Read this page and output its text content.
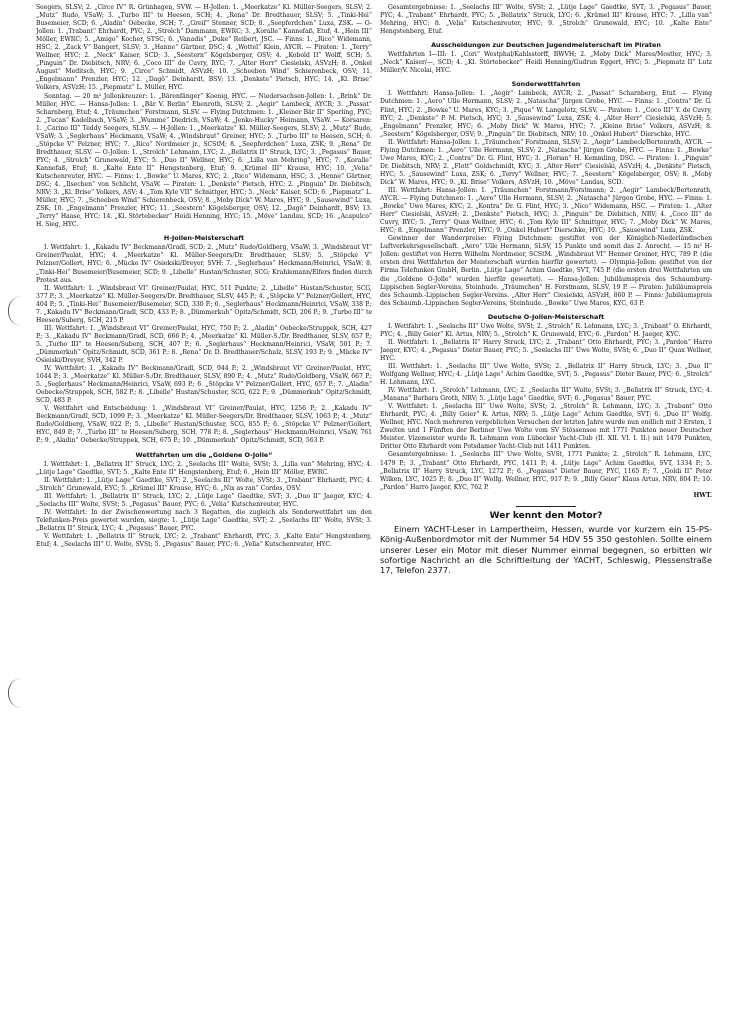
Seegers, SLSV; 2. „Circe IV“ R. Grünhagen, SVW. — H-Jollen: 1. „Meerkatze“ Kl. Müller-Seegers, SLSV; 2. „Mutz“ Rudo, VSaW; 3. „Turbo III“ te Heesen, SCH; 4. „Rena“ Dr. Bredthauer, SLSV; 5. „Tinki-Hei“ Busemeier, SCD; 6. „Aladin“ Oebecke, SCH; 7. „Greif“ Stenner, SCD; 8. „Seepferdchen“ Luxa, ZSK. — O-Jollen: 1. „Trabant“ Ehrhardt, PYC; 2. „Strolch“ Dammann, EWRC; 3. „Koralle“ Kannefaß, Etuf; 4. „Hein III“ Möller, EWRC; 5. „Amigo“ Kocher, STSC; 6. „Vanadis“ „Duke“ Reibert, JSC. — Finns: 1. „Rico“ Widemann, HSC; 2. „Zack V“ Bangert, SLSV; 3. „Hanne“ Gärtner, DSC; 4. „Wottel“ Klein, AYCR. — Piraten: 1. „Terry“ Wellner, HYC; 2. „Neck“ Kaiser, SCD; 3. „Seestern“ Kögelsberger, OSV; 4. „Kobold II“ Wolff, SCH; 5. „Pinguin“ Dr. Diebitsch, NRV; 6. „Coco III“ de Cuvry, RYC; 7. „Alter Herr“ Ciesielski, ASVzH; 8. „Onkel August“ Meditsch, HYC; 9. „Circe“ Schmidt, ASVzH; 10. „Scheeben Wind“ Schierenbeck, OSV; 11. „Engelmann“ Prenzler, HYC; 12. „Dagö“ Deinhardt, BSV; 13. „Denkste“ Pietsch, HYC; 14. „Kl. Brise“ Volkers, ASVzH; 15. „Piepmatz“ L. Müller, HYC.

Sonntag. — 20 m² Jollenkreuzer: 1. „Bärenfänger“ Koenig, HYC. — Niedersachsen-Jollen: 1. „Brink“ Dr. Müller, HYC. — Hansa-Jollen: 1. „Bär V. Berlin“ Ebenroth, SLSV; 2. „Aegir“ Lambeck, AYCR; 3. „Passat“ Scharnberg, Etuf; 4. „Träumchen“ Forstmann, SLSV. — Flying Dutchmen: 1. „Kleiner Bär II“ Sperling, PYC; 2. „Tucan“ Kadelbach, VSaW; 3. „Wumme“ Diedrich, VSaW; 4. „Jenko-Hucky“ Heimann, VSaW. — Korsaren: 1. „Carino III“ Teddy Seegers, SLSV. — H-Jollen: 1. „Meerkatze“ Kl. Müller-Seegers, SLSV; 2. „Mutz“ Rudo, VSaW; 3. „Seglerhaus“ Heckmann, VSaW; 4. „Windsbraut“ Greiner, HYC; 5. „Turbo III“ te Heesen, SCH; 6. „Stöpcke V“ Pelzner, HYC; 7. „Rico“ Nordmeier jr., SCStM; 8. „Seepferdchen“ Luxa, ZSK; 9. „Rena“ Dr. Bredthauer, SLSV. — O-Jollen: 1. „Strolch“ Lehmann, LYC; 2. „Bellatrix II“ Struck, LYC; 3. „Pegasus“ Bauer, PYC; 4. „Strolch“ Grunewald, EYC; 5. „Duo II“ Wellner, HYC; 6. „Lilla van Mehring“, HYC; 7. „Koralle“ Kannefaß, Etuf; 8. „Kalte Ente II“ Hengstenberg, Etuf; 9. „Krümel III“ Krause, HYC; 10. „Velia“ Kutschenreuter, HYC. — Finns: 1. „Bowke“ U. Mares, KYC; 2. „Rico“ Widemann, HSC; 3. „Henne“ Gärtner, DSC; 4. „Ilsechen“ von Schlicht, VSaW. — Piraten: 1. „Denkste“ Pietsch, HYC; 2. „Pinguin“ Dr. Diebitsch, NRV; 3. „Kl. Brise“ Volkers, ASV; 4. „Tom Kyle VII“ Schnittger, HYC; 5. „Neck“ Kaiser, SCD; 6. „Piepmatz“ L. Müller, HYC; 7. „Scheeben Wind“ Schierenbeck, OSV; 8. „Moby Dick“ W. Mares, HYC; 9. „Sausewind“ Luxa, ZSK; 10. „Engelmann“ Prenzler, HYC; 11. „Seestern“ Kögelsberger, OSV; 12. „Dagö“ Deinhardt, BSV; 13. „Terry“ Haase, HYC; 14. „Kl. Störtebecker“ Heidi Henning, HYC; 15. „Möve“ Landau, SCD; 16. „Acapulco“ H. Sieg, HYC.

H-Jollen-Meisterschaft

I. Wettfahrt: 1. „Kakadu IV“ Beckmann/Gradl, SCD; 2. „Mutz“ Rudo/Goldberg, VSaW; 3. „Windsbraut VI“ Greiner/Paulat, HYC; 4. „Meerkatze“ Kl. Müller-Seegers/Dr. Bredthauer, SLSV; 5. „Stöpcke V“ Pelzner/Gollert, HYC; 6. „Mücke IV“ Osiekski/Dreyer, SVH; 7. „Seglerhaus“ Heckmann/Heinrici, VSaW; 8. „Tinki-Hei“ Busemeier/Busemeier, SCD; 9. „Libelle“ Hustan/Schuster, SCG; Krahlemann/Elfers finden durch Protest aus.

II. Wettfahrt: 1. „Windsbraut VI“ Greiner/Paulat, HYC, 511 Punkte; 2. „Libelle“ Hustan/Schuster, SCG, 377 P.; 3. „Meerkatze“ Kl. Müller-Seegers/Dr. Bredthauer, SLSV, 445 P.; 4. „Stöpcke V“ Pelzner/Gollert, HYC, 404 P.; 5. „Tinki-Hei“ Busemeier/Busemeier, SCD, 330 P.; 6. „Seglerhaus“ Heckmann/Heinrici, VSaW, 338 P.; 7. „Kakadu IV“ Beckmann/Gradl, SCD, 433 P.; 8. „Dümmerkuh“ Opitz/Schmidt, SCD, 206 P.; 9. „Turbo III“ te Heesen/Suberg, SCH, 215 P.

III. Wettfahrt: 1. „Windsbraut VI“ Greiner/Paulat, HYC, 750 P.; 2. „Aladin“ Oebecke/Struppek, SCH, 427 P.; 3. „Kakadu IV“ Beckmann/Gradl, SCD, 666 P.; 4. „Meerkatze“ Kl. Müller-S./Dr. Bredthauer, SLSV, 657 P.; 5. „Turbo III“ te Heesen/Suberg, SCH, 407 P.; 6. „Seglerhaus“ Heckmann/Heinrici, VSaW, 501 P.; 7. „Dümmerkuh“ Opitz/Schmidt, SCD, 361 P.; 8. „Rena“ Dr. D. Bredthauer/Schulz, SLSV, 193 P.; 9. „Mücke IV“ Osieiski/Dreyer, SVH, 342 P.

IV. Wettfahrt: 1. „Kakadu IV“ Beckmann/Gradl, SCD, 944 P.; 2. „Windsbraut VI“ Greiner/Paulat, HYC, 1044 P.; 3. „Meerkatze“ Kl. Müller-S./Dr. Bredthauer, SLSV, 890 P.; 4. „Mutz“ Rudo/Goldberg, VSaW, 667 P.; 5. „Seglerhaus“ Heckmann/Heinrici, VSaW, 693 P.; 6. „Stöpcke V“ Pelzner/Gollert, HYC, 657 P.; 7. „Aladin“ Oebecke/Struppek, SCH, 582 P.; 8. „Libelle“ Hustan/Schuster, SCG, 622 P.; 9. „Dümmerkuh“ Opitz/Schmidt, SCD, 483 P.

V. Wettfahrt und Entscheidung: 1. „Windsbraut VI“ Greiner/Paulat, HYC, 1256 P.; 2. „Kakadu IV“ Beckmann/Gradl, SCD, 1099 P.; 3. „Meerkatze“ Kl. Müller-Seegers/Dr. Bredthauer, SLSV, 1063 P.; 4. „Mutz“ Rudo/Goldberg, VSaW, 922 P.; 5. „Libelle“ Hustan/Schuster, SCG, 855 P.; 6. „Stöpcke V“ Pelzner/Gollert, HYC, 849 P.; 7. „Turbo III“ te Heesen/Suberg, SCH, 778 P.; 8. „Seglerhaus“ Heckmann/Heinrici, VSaW, 761 P.; 9. „Aladin“ Oebecke/Struppek, SCH, 675 P.; 10. „Dümmerkuh“ Opitz/Schmidt, SCD, 563 P.

Wettfahrten um die „Goldene O-Jolle“

I. Wettfahrt: 1. „Bellatrix II“ Struck, LYC; 2. „Seelachs III“ Wolte, SVSt; 3. „Lilla van“ Mehring, HYC; 4. „Lütje Lage“ Gaedtke, SVT; 5. „Kalte Ente II“ Hengstenberg, Etuf; 6. „Hein III“ Möller, EWRC.

II. Wettfahrt: 1. „Lütje Lage“ Gaedtke, SVT; 2. „Seelachs III“ Wolte, SVSt; 3. „Trabant“ Ehrhardt, PYC; 4. „Strolch“ Grunewald, EYC; 5. „Krümel III“ Krause, HYC; 6. „Nix as ran“ Cordes, OSV.

III. Wettfahrt: 1. „Bellatrix II“ Struck, LYC; 2. „Lütje Lage“ Gaedtke, SVT; 3. „Duo II“ Jaeger, KYC; 4. „Seelachs III“ Wolte, SVSt; 5. „Pegasus“ Bauer, PYC; 6. „Velia“ Kutschenreuter, HYC.

IV. Wettfahrt: In der Zwischenwertung nach 3 Regatten, die zugleich als Sonderwettfahrt um den Telefunken-Preis gewertet wurden, siegte: 1. „Lütje Lage“ Gaedtke, SVT; 2. „Seelachs III“ Wolte, SVSt; 3. „Bellatrix II“ Struck, LYC; 4. „Pegasus“ Bauer, PYC.

V. Wettfahrt: 1. „Bellatrix II“ Struck, LYC; 2. „Trabant“ Ehrhardt, PYC; 3. „Kalte Ente“ Hengstenberg, Etuf; 4. „Seelachs III“ U. Wolte, SVSt; 5. „Pegasus“ Bauer, PYC; 6. „Velia“ Kutschenreuter, HYC.

Gesamtergebnisse: 1. „Seelachs III“ Wolte, SVSt; 2. „Lütje Lage“ Gaedtke, SVT; 3. „Pegasus“ Bauer, PYC; 4. „Trabant“ Ehrhardt, PYC; 5. „Bellatrix“ Struck, LYC; 6. „Krümel III“ Krause, HYC; 7. „Lilla van“ Mehring, HYC; 8. „Velia“ Kutschenreuter, HYC; 9. „Strolch“ Grunewald, EYC; 10. „Kalte Ente“ Hengstenberg, Etuf.

Ausscheidungen zur Deutschen Jugendmeisterschaft im Piraten

Wettfahrten I—III: 1. „Cori“ Westphal/Kahlsstorff, BWVH; 2. „Moby Dick“ Mares/Mostler, HYC; 3. „Neck“ Kaiser/—, SCD; 4. „Kl. Störtebecker“ Heidi Henning/Gudrun Eggert, HYC; 5. „Piepmatz II“ Lutz Müller/V. Nicolai, HYC.

Sonderwettfahrten

I. Wettfahrt: Hansa-Jollen: 1. „Aegir“ Lambeck, AYCR; 2. „Passat“ Scharnberg, Etuf. — Flying Dutchmen: 1. „Aero“ Ulle Hermann, SLSV; 2. „Natascha“ Jürgen Grobe, HYC. — Finns: 1. „Contra“ Dr. G. Flint, HYC; 2. „Bowke“ U. Mares, KYC; 3. „Pique“ W. Langelotz, SLSV. — Piraten: 1. „Coco III“ Y. de Cuvry, RYC; 2. „Denkste“ P. M. Pietsch, HYC; 3. „Sausewind“ Luxa, ZSK; 4. „Alter Herr“ Ciesielski, ASVzH; 5. „Engelmann“ Prenzler, HYC; 6. „Moby Dick“ W. Mares, HYC; 7. „Kleine Brise“ Volkers, ASVzH; 8. „Seestern“ Kögelsberger, OSV; 9. „Pinguin“ Dr. Diebitsch, NRV; 10. „Onkel Hubert“ Dierschke, HYC.

II. Wettfahrt: Hansa-Jollen: 1. „Träumchen“ Forstmann, SLSV; 2. „Aegir“ Lambeck/Bertenrath, AYCR. — Flying Dutchmen: 1. „Aero“ Ulle Hermann, SLSV; 2. „Natascha“ Jürgen Grobe, HYC. — Finns: 1. „Bowke“ Uwe Mares, KYC; 2. „Contra“ Dr. G. Flint, HYC; 3. „Florian“ H. Kemmling, DSC. — Piraten: 1. „Pinguin“ Dr. Diebitsch, NRV; 2. „Flott“ Goldschmidt, KYC; 3. „Alter Herr“ Ciesielski, ASVzH; 4. „Denkste“ Pietsch, HYC; 5. „Sausewind“ Luxa, ZSK; 6. „Terry“ Wellner, HYC; 7. „Seestern“ Kögelsberger, OSV; 8. „Moby Dick“ W. Mares, HYC; 9. „Kl. Brise“ Volkers, ASVzH; 10. „Möve“ Landau, SCD.

III. Wettfahrt: Hansa-Jollen: 1. „Träumchen“ Forstmann/Forstmann; 2. „Aegir“ Lambeck/Bertenrath, AYCR. — Flying Dutchmen: 1. „Aero“ Ulle Hermann, SLSV; 2. „Natascha“ Jürgen Grobe, HYC. — Finns: 1. „Bowke“ Uwe Mares, KYC; 2. „Kontra“ Dr. G. Flint, HYC; 3. „Nico“ Widemann, HSC. — Piraten: 1. „Alter Herr“ Ciesielski, ASVzH; 2. „Denkste“ Pietsch, HYC; 3. „Pinguin“ Dr. Diebitsch, NRV; 4. „Coco III“ de Cuvry, RYC; 5. „Terry“ Quax Wellner, HYC; 6. „Tom Kyle III“ Schnittger, HYC; 7. „Moby Dick“ W. Mares, HYC; 8. „Engelmann“ Prenzler, HYC; 9. „Onkel Hubert“ Dierschke, HYC; 10. „Sausewind“ Luxa, ZSK.

Gewinner der Wanderpreise: Flying Dutchmen: gestiftet von der Königlich-Niederländischen Luftverkehrsgesellschaft. „Aero“ Ulle Hermann, SLSV, 15 Punkte und somit das 2. Anrecht. — 15 m² H-Jollen: gestiftet von Herrn Wilhelm Nordmeier, SCStM. „Windsbraut VI“ Henner Greiner, HYC, 789 P. (die ersten drei Wettfahrten der Meisterschaft wurden hierfür gewertet). — Olympia-Jollen: gestiftet von der Firma Telefunken GmbH, Berlin. „Lütje Lage“ Achim Gaedtke, SVT, 745 P. (die ersten drei Wettfahrten um die „Goldene O-Jolle“ wurden hierfür gewertet). — Hansa-Jollen: Jubiläumspreis des Schaumburg-Lippischen Segler-Vereins, Steinhude. „Träumchen“ H. Forstmann, SLSV, 19 P. — Piraten: Jubiläumspreis des Schaumb.-Lippischen Segler-Vereins. „Alter Herr“ Ciesielski, ASVzH, 860 P. — Finns: Jubiläumspreis des Schaumb.-Lippischen Segler-Vereins, Steinhude. „Bowke“ Uwe Mares, KYC, 63 P.

Deutsche O-Jollen-Meisterschaft

I. Wettfahrt: 1. „Seelachs III“ Uwe Wolte, SVSt; 2. „Strolch“ R. Lehmann, LYC; 3. „Trabant“ O. Ehrhardt, PYC; 4. „Billy Geier“ Kl. Artus, NRV; 5. „Strolch“ K. Grunewald, EYC; 6. „Pardon“ H. Jaeger, KYC.

II. Wettfahrt: 1. „Bellatrix II“ Harry Struck, LYC; 2. „Trabant“ Otto Ehrhardt, PYC; 3. „Pardon“ Harro Jaeger, KYC; 4. „Pegasus“ Dieter Bauer, PYC; 5. „Seelachs III“ Uwe Wolte, SVSt; 6. „Duo II“ Quax Wellner, HYC.

III. Wettfahrt: 1. „Seelachs III“ Uwe Wolte, SVSt; 2. „Bellatrix II“ Harry Struck, LYC; 3. „Duo II“ Wolfgang Wellner, HYC; 4. „Lütje Lage“ Achim Gaedtke, SVT; 5. „Pegasus“ Dieter Bauer, PYC; 6. „Strolch“ H. Lehmann, LYC.

IV. Wettfahrt: 1. „Strolch“ Lehmann, LYC; 2. „Seelachs III“ Wolte, SVSt; 3. „Bellatrix II“ Struck, LYC; 4. „Manana“ Barbara Groth, NRV; 5. „Lütje Lage“ Gaedtke, SVT; 6. „Pegasus“ Bauer, PYC.

V. Wettfahrt: 1. „Seelachs III“ Uwe Wolte, SVSt; 2. „Strolch“ R. Lehmann, LYC; 3. „Trabant“ Otto Ehrhardt, PYC; 4. „Billy Geier“ K. Artus, NRV; 5. „Lütje Lage“ Achim Gaedtke, SVT; 6. „Duo II“ Wolfg. Wellner, HYC. Nach mehreren vergeblichen Versuchen der letzten Jahre wurde nun endlich mit 3 Ersten, 1 Zweiten und 1 Fünften der Berliner Uwe Wolte vom SV Stössensee mit 1771 Punkten neuer Deutscher Meister. Vizemeister wurde R. Lehmann vom Lübecker Yacht-Club (II. XII. VI. I. II.) mit 1479 Punkten, Dritter Otto Ehrhardt vom Potsdamer Yacht-Club mit 1411 Punkten.

Gesamtergebnisse: 1. „Seelachs III“ Uwe Wolte, SVSt, 1771 Punkte; 2. „Strolch“ R. Lehmann, LYC, 1479 P.; 3. „Trabant“ Otto Ehrhardt, PYC, 1411 P.; 4. „Lütje Lage“ Achim Gaedtke, SVT, 1334 P.; 5. „Bellatrix II“ Harry Struck, LYC, 1272 P.; 6. „Pegasus“ Dieter Bauer, PYC, 1165 P.; 7. „Goldi II“ Peter Wilken, LYC, 1025 P.; 8. „Duo II“ Wolfg. Wellner, HYC, 917 P.; 9. „Billy Geier“ Klaus Artus, NRV, 804 P.; 10. „Pardon“ Harro Jaeger, KYC, 762 P.

HWT.

Wer kennt den Motor?
Einem YACHT-Leser in Lampertheim, Hessen, wurde vor kurzem ein 15-PS-König-Außenbordmotor mit der Nummer 54 HDV 55 350 gestohlen. Sollte einem unserer Leser ein Motor mit dieser Nummer einmal begegnen, so erbitten wir sofortige Nachricht an die Schriftleitung der YACHT, Schleswig, Plessenstraße 17, Telefon 2377.
